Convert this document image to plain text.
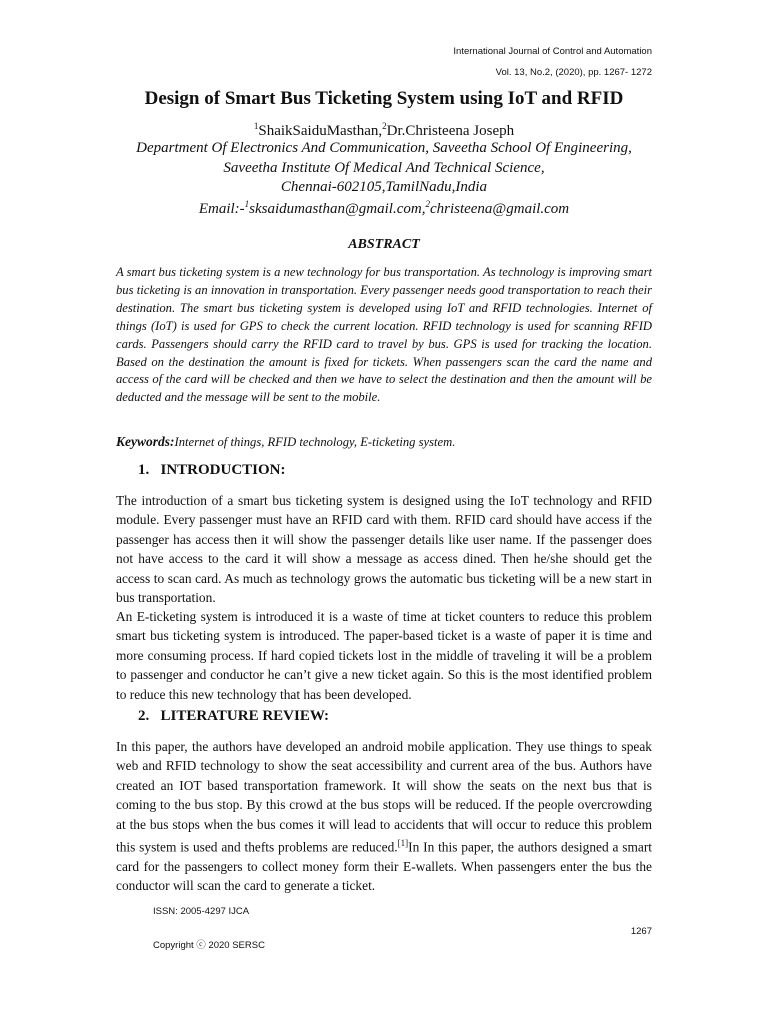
International Journal of Control and Automation
Vol. 13, No.2, (2020), pp. 1267- 1272
Design of Smart Bus Ticketing System using IoT and RFID
$^1$ShaikSaiduMasthan,$^2$Dr.Christeena Joseph
Department Of Electronics And Communication, Saveetha School Of Engineering,
Saveetha Institute Of Medical And Technical Science,
Chennai-602105,TamilNadu,India
Email:-$^1$sksaidumasthan@gmail.com,$^2$christeena@gmail.com
ABSTRACT
A smart bus ticketing system is a new technology for bus transportation. As technology is improving smart bus ticketing is an innovation in transportation. Every passenger needs good transportation to reach their destination. The smart bus ticketing system is developed using IoT and RFID technologies. Internet of things (IoT) is used for GPS to check the current location. RFID technology is used for scanning RFID cards. Passengers should carry the RFID card to travel by bus. GPS is used for tracking the location. Based on the destination the amount is fixed for tickets. When passengers scan the card the name and access of the card will be checked and then we have to select the destination and then the amount will be deducted and the message will be sent to the mobile.
Keywords:Internet of things, RFID technology, E-ticketing system.
1.   INTRODUCTION:

The introduction of a smart bus ticketing system is designed using the IoT technology and RFID module. Every passenger must have an RFID card with them. RFID card should have access if the passenger has access then it will show the passenger details like user name. If the passenger does not have access to the card it will show a message as access dined. Then he/she should get the access to scan card. As much as technology grows the automatic bus ticketing will be a new start in bus transportation.

An E-ticketing system is introduced it is a waste of time at ticket counters to reduce this problem smart bus ticketing system is introduced. The paper-based ticket is a waste of paper it is time and more consuming process. If hard copied tickets lost in the middle of traveling it will be a problem to passenger and conductor he can’t give a new ticket again. So this is the most identified problem to reduce this new technology that has been developed.

2.   LITERATURE REVIEW:

In this paper, the authors have developed an android mobile application. They use things to speak web and RFID technology to show the seat accessibility and current area of the bus. Authors have created an IOT based transportation framework. It will show the seats on the next bus that is coming to the bus stop. By this crowd at the bus stops will be reduced. If the people overcrowding at the bus stops when the bus comes it will lead to accidents that will occur to reduce this problem this system is used and thefts problems are reduced.[1]In In this paper, the authors designed a smart card for the passengers to collect money form their E-wallets. When passengers enter the bus the conductor will scan the card to generate a ticket.

ISSN: 2005-4297 IJCA
1267
Copyright ⓒ 2020 SERSC
